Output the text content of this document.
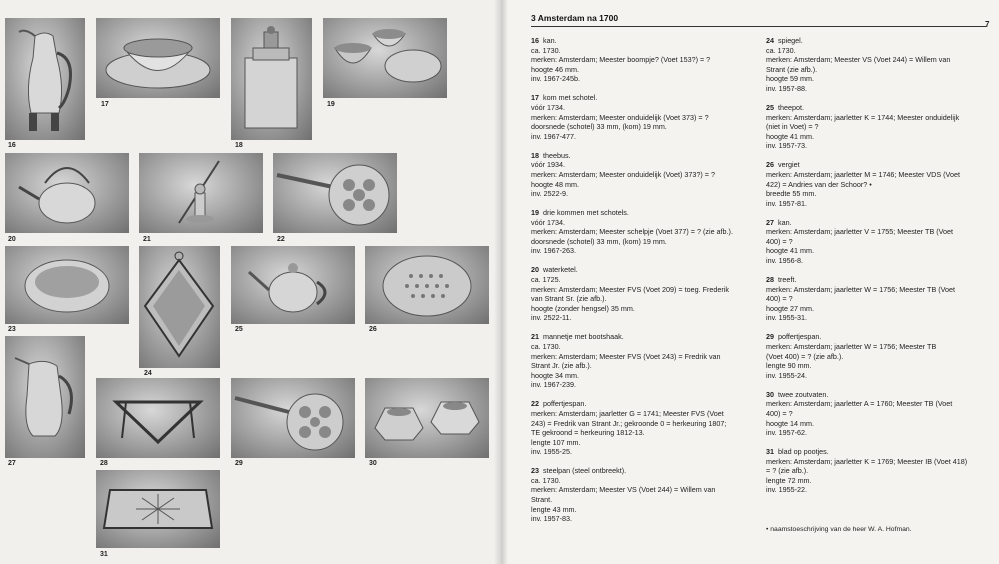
16
17
18
19
20	21	22
23
24
25	26
27	28	29	30
31
3 Amsterdam na 1700
7
16 kan.
ca. 1730.
merken: Amsterdam; Meester boompje? (Voet 153?) = ?
hoogte 46 mm.
inv. 1967-245b.
17 kom met schotel.
vóór 1734.
merken: Amsterdam; Meester onduidelijk (Voet 373) = ?
doorsnede (schotel) 33 mm, (kom) 19 mm.
inv. 1967-477.
18 theebus.
vóór 1934.
merken: Amsterdam; Meester onduidelijk (Voet) 373?) = ?
hoogte 48 mm.
inv. 2522-9.
19 drie kommen met schotels.
vóór 1734.
merken: Amsterdam; Meester schelpje (Voet 377) = ? (zie afb.).
doorsnede (schotel) 33 mm, (kom) 19 mm.
inv. 1967-263.
20 waterketel.
ca. 1725.
merken: Amsterdam; Meester FVS (Voet 209) = toeg. Frederik
van Strant Sr. (zie afb.).
hoogte (zonder hengsel) 35 mm.
inv. 2522-11.
21 mannetje met bootshaak.
ca. 1730.
merken: Amsterdam; Meester FVS (Voet 243) = Fredrik van
Strant Jr. (zie afb.).
hoogte 34 mm.
inv. 1967-239.
22 poffertjespan.
merken: Amsterdam; jaarletter G = 1741; Meester FVS (Voet
243) = Fredrik van Strant Jr.; gekroonde 0 = herkeuring 1807;
TE gekroond = herkeuring 1812-13.
lengte 107 mm.
inv. 1955-25.
23 steelpan (steel ontbreekt).
ca. 1730.
merken: Amsterdam; Meester VS (Voet 244) = Willem van
Strant.
lengte 43 mm.
inv. 1957-83.
24 spiegel.
ca. 1730.
merken: Amsterdam; Meester VS (Voet 244) = Willem van
Strant (zie afb.).
hoogte 59 mm.
inv. 1957-88.
25 theepot.
merken: Amsterdam; jaarletter K = 1744; Meester onduidelijk
(niet in Voet) = ?
hoogte 41 mm.
inv. 1957-73.
26 vergiet
merken: Amsterdam; jaarletter M = 1746; Meester VDS (Voet
422) = Andries van der Schoor? •
breedte 55 mm.
inv. 1957-81.
27 kan.
merken: Amsterdam; jaarletter V = 1755; Meester TB (Voet
400) = ?
hoogte 41 mm.
inv. 1956-8.
28 treeft.
merken: Amsterdam; jaarletter W = 1756; Meester TB (Voet
400) = ?
hoogte 27 mm.
inv. 1955-31.
29 poffertjespan.
merken: Amsterdam; jaarletter W = 1756; Meester TB
(Voet 400) = ? (zie afb.).
lengte 90 mm.
inv. 1955-24.
30 twee zoutvaten.
merken: Amsterdam; jaarletter A = 1760; Meester TB (Voet
400) = ?
hoogte 14 mm.
inv. 1957-62.
31 blad op pootjes.
merken: Amsterdam; jaarletter K = 1769; Meester IB (Voet 418)
= ? (zie afb.).
lengte 72 mm.
inv. 1955-22.
• naamstoeschrijving van de heer W. A. Hofman.
